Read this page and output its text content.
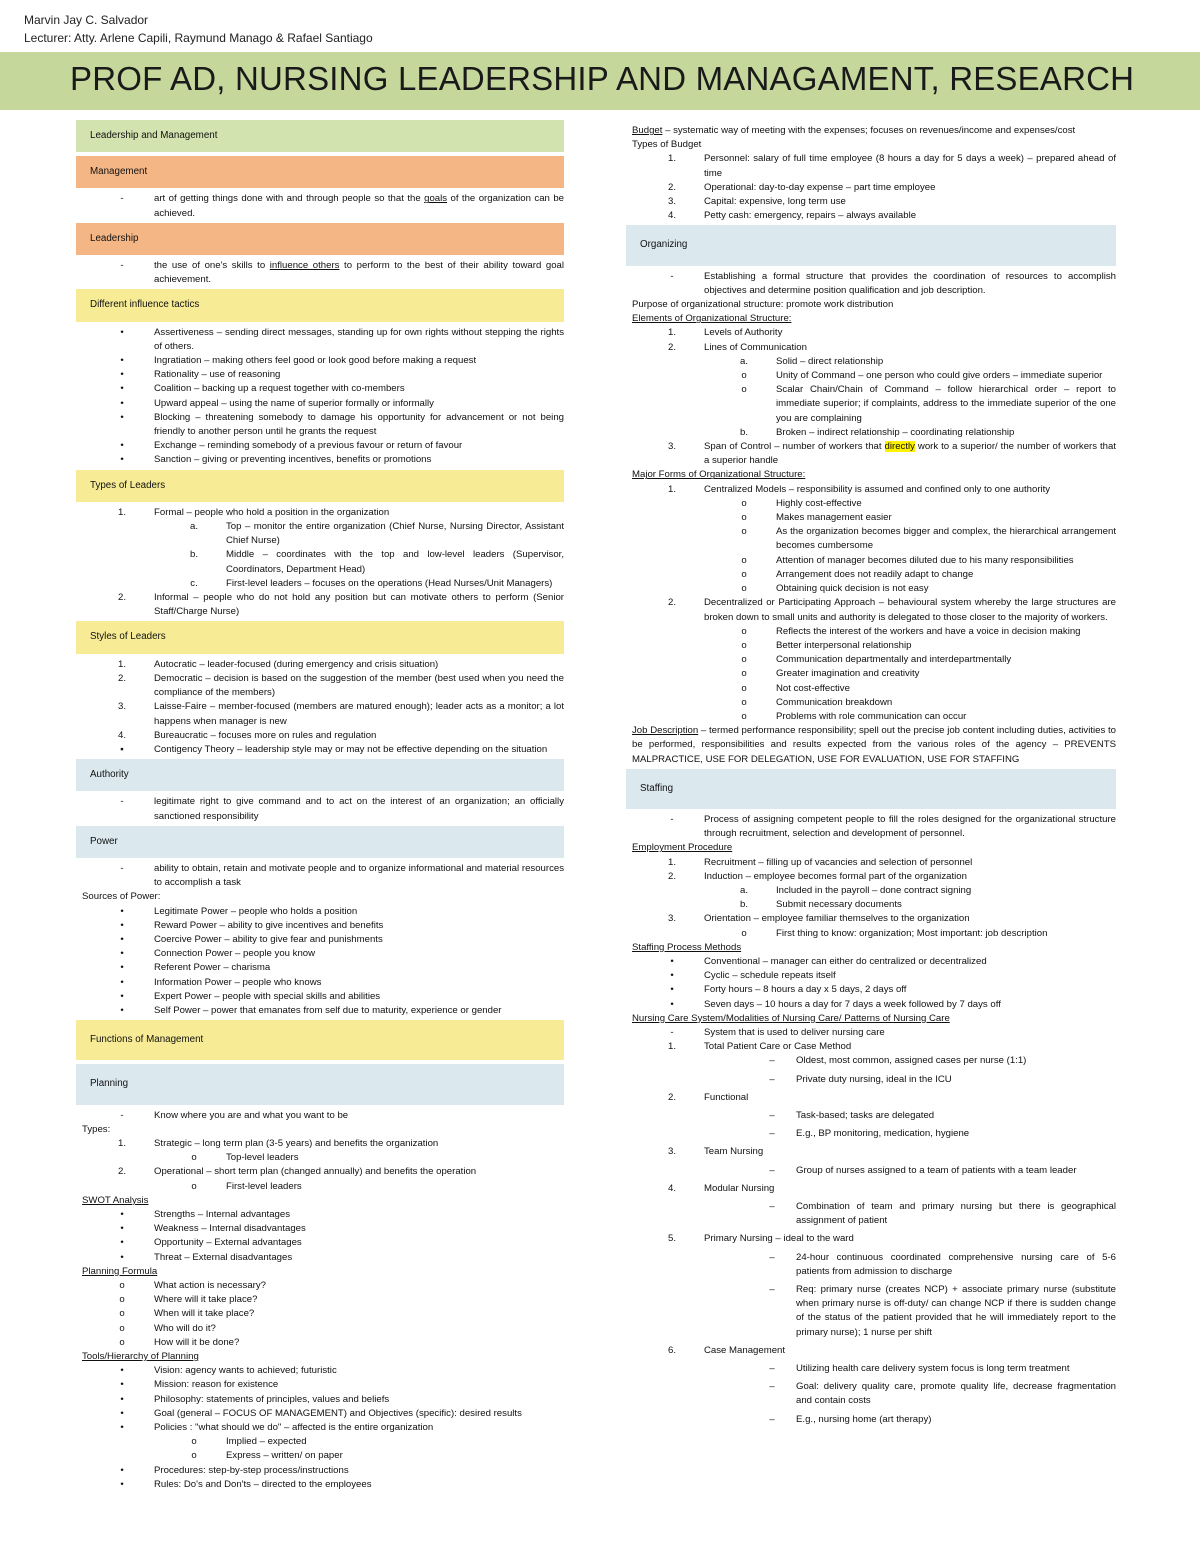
Marvin Jay C. Salvador
Lecturer: Atty. Arlene Capili, Raymund Manago & Rafael Santiago
PROF AD, NURSING LEADERSHIP AND MANAGAMENT, RESEARCH
Leadership and Management
Management
-	art of getting things done with and through people so that the goals of the organization can be achieved.
Leadership
-	the use of one's skills to influence others to perform to the best of their ability toward goal achievement.
Different influence tactics
•	Assertiveness – sending direct messages, standing up for own rights without stepping the rights of others.
•	Ingratiation – making others feel good or look good before making a request
•	Rationality – use of reasoning
•	Coalition – backing up a request together with co-members
•	Upward appeal – using the name of superior formally or informally
•	Blocking – threatening somebody to damage his opportunity for advancement or not being friendly to another person until he grants the request
•	Exchange – reminding somebody of a previous favour or return of favour
•	Sanction – giving or preventing incentives, benefits or promotions
Types of Leaders
1.	Formal – people who hold a position in the organization
a.	Top – monitor the entire organization (Chief Nurse, Nursing Director, Assistant Chief Nurse)
b.	Middle – coordinates with the top and low-level leaders (Supervisor, Coordinators, Department Head)
c.	First-level leaders – focuses on the operations (Head Nurses/Unit Managers)
2.	Informal – people who do not hold any position but can motivate others to perform (Senior Staff/Charge Nurse)
Styles of Leaders
1.	Autocratic – leader-focused (during emergency and crisis situation)
2.	Democratic – decision is based on the suggestion of the member (best used when you need the compliance of the members)
3.	Laisse-Faire – member-focused (members are matured enough); leader acts as a monitor; a lot happens when manager is new
4.	Bureaucratic – focuses more on rules and regulation
▪	Contigency Theory – leadership style may or may not be effective depending on the situation
Authority
-	legitimate right to give command and to act on the interest of an organization; an officially sanctioned responsibility
Power
-	ability to obtain, retain and motivate people and to organize informational and material resources to accomplish a task
Sources of Power:
•	Legitimate Power – people who holds a position
•	Reward Power – ability to give incentives and benefits
•	Coercive Power – ability to give fear and punishments
•	Connection Power – people you know
•	Referent Power – charisma
•	Information Power – people who knows
•	Expert Power – people with special skills and abilities
•	Self Power – power that emanates from self due to maturity, experience or gender
Functions of Management
Planning
-	Know where you are and what you want to be
Types:
1.	Strategic – long term plan (3-5 years) and benefits the organization
o	Top-level leaders
2.	Operational – short term plan (changed annually) and benefits the operation
o	First-level leaders
SWOT Analysis
•	Strengths – Internal advantages
•	Weakness – Internal disadvantages
•	Opportunity – External advantages
•	Threat – External disadvantages
Planning Formula
o	What action is necessary?
o	Where will it take place?
o	When will it take place?
o	Who will do it?
o	How will it be done?
Tools/Hierarchy of Planning
•	Vision: agency wants to achieved; futuristic
•	Mission: reason for existence
•	Philosophy: statements of principles, values and beliefs
•	Goal (general – FOCUS OF MANAGEMENT) and Objectives (specific): desired results
•	Policies : "what should we do" – affected is the entire organization
o	Implied – expected
o	Express – written/ on paper
•	Procedures: step-by-step process/instructions
•	Rules: Do's and Don'ts – directed to the employees
Budget – systematic way of meeting with the expenses; focuses on revenues/income and expenses/cost
Types of Budget
1.	Personnel: salary of full time employee (8 hours a day for 5 days a week) – prepared ahead of time
2.	Operational: day-to-day expense – part time employee
3.	Capital: expensive, long term use
4.	Petty cash: emergency, repairs – always available
Organizing
-	Establishing a formal structure that provides the coordination of resources to accomplish objectives and determine position qualification and job description.
Purpose of organizational structure: promote work distribution
Elements of Organizational Structure:
1.	Levels of Authority
2.	Lines of Communication
a.	Solid – direct relationship
o	Unity of Command – one person who could give orders – immediate superior
o	Scalar Chain/Chain of Command – follow hierarchical order – report to immediate superior; if complaints, address to the immediate superior of the one you are complaining
b.	Broken – indirect relationship – coordinating relationship
3.	Span of Control – number of workers that directly work to a superior/ the number of workers that a superior handle
Major Forms of Organizational Structure:
1.	Centralized Models – responsibility is assumed and confined only to one authority
o	Highly cost-effective
o	Makes management easier
o	As the organization becomes bigger and complex, the hierarchical arrangement becomes cumbersome
o	Attention of manager becomes diluted due to his many responsibilities
o	Arrangement does not readily adapt to change
o	Obtaining quick decision is not easy
2.	Decentralized or Participating Approach – behavioural system whereby the large structures are broken down to small units and authority is delegated to those closer to the majority of workers.
o	Reflects the interest of the workers and have a voice in decision making
o	Better interpersonal relationship
o	Communication departmentally and interdepartmentally
o	Greater imagination and creativity
o	Not cost-effective
o	Communication breakdown
o	Problems with role communication can occur
Job Description – termed performance responsibility; spell out the precise job content including duties, activities to be performed, responsibilities and results expected from the various roles of the agency – PREVENTS MALPRACTICE, USE FOR DELEGATION, USE FOR EVALUATION, USE FOR STAFFING
Staffing
-	Process of assigning competent people to fill the roles designed for the organizational structure through recruitment, selection and development of personnel.
Employment Procedure
1.	Recruitment – filling up of vacancies and selection of personnel
2.	Induction – employee becomes formal part of the organization
a.	Included in the payroll – done contract signing
b.	Submit necessary documents
3.	Orientation – employee familiar themselves to the organization
o	First thing to know: organization; Most important: job description
Staffing Process Methods
•	Conventional – manager can either do centralized or decentralized
•	Cyclic – schedule repeats itself
•	Forty hours – 8 hours a day x 5 days, 2 days off
•	Seven days – 10 hours a day for 7 days a week followed by 7 days off
Nursing Care System/Modalities of Nursing Care/ Patterns of Nursing Care
-	System that is used to deliver nursing care
1.	Total Patient Care or Case Method
–	Oldest, most common, assigned cases per nurse (1:1)
–	Private duty nursing, ideal in the ICU
2.	Functional
–	Task-based; tasks are delegated
–	E.g., BP monitoring, medication, hygiene
3.	Team Nursing
–	Group of nurses assigned to a team of patients with a team leader
4.	Modular Nursing
–	Combination of team and primary nursing but there is geographical assignment of patient
5.	Primary Nursing – ideal to the ward
–	24-hour continuous coordinated comprehensive nursing care of 5-6 patients from admission to discharge
–	Req: primary nurse (creates NCP) + associate primary nurse (substitute when primary nurse is off-duty/ can change NCP if there is sudden change of the status of the patient provided that he will immediately report to the primary nurse); 1 nurse per shift
6.	Case Management
–	Utilizing health care delivery system focus is long term treatment
–	Goal: delivery quality care, promote quality life, decrease fragmentation and contain costs
–	E.g., nursing home (art therapy)
